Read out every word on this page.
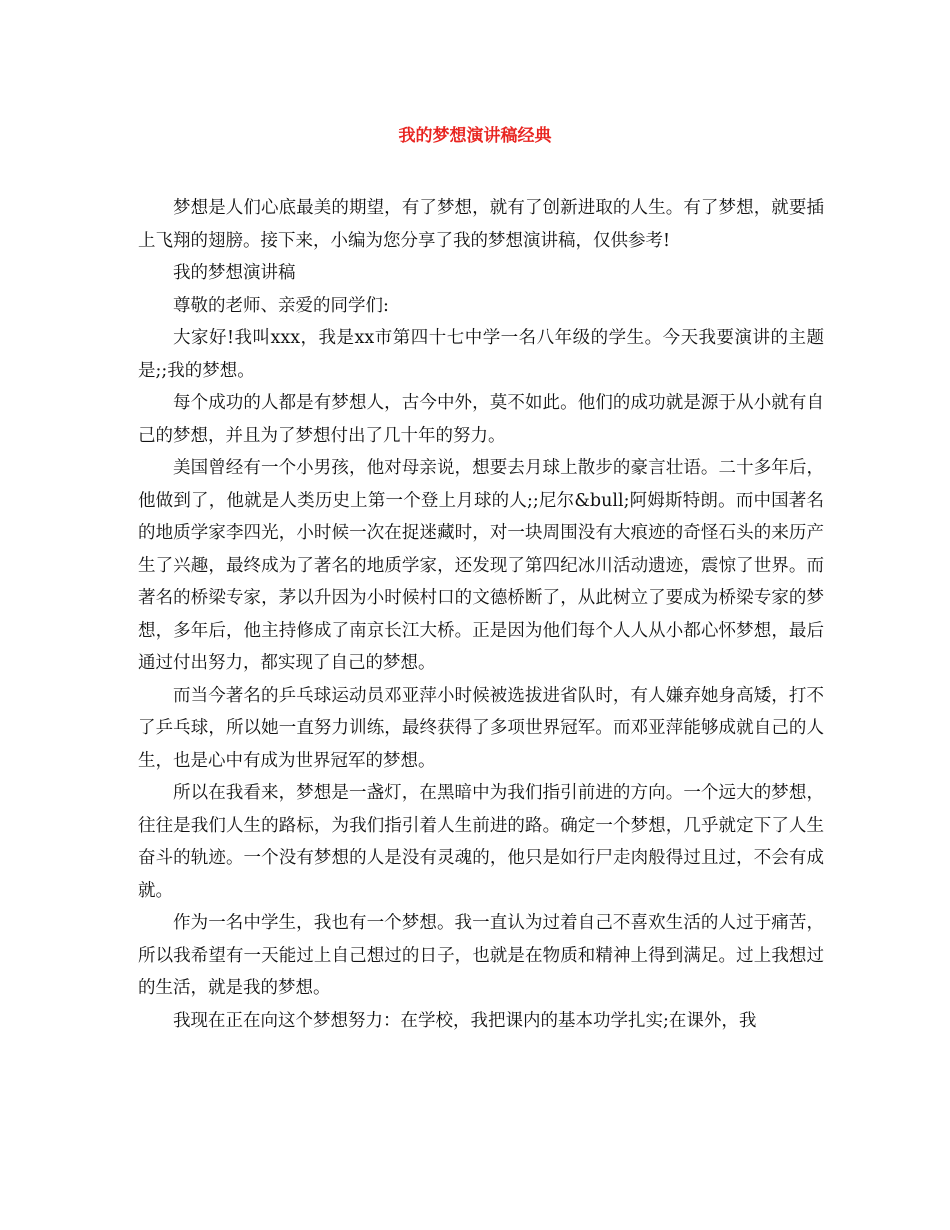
我的梦想演讲稿经典

梦想是人们心底最美的期望，有了梦想，就有了创新进取的人生。有了梦想，就要插上飞翔的翅膀。接下来，小编为您分享了我的梦想演讲稿，仅供参考!

我的梦想演讲稿

尊敬的老师、亲爱的同学们:

大家好!我叫xxx，我是xx市第四十七中学一名八年级的学生。今天我要演讲的主题是;;我的梦想。

每个成功的人都是有梦想人，古今中外，莫不如此。他们的成功就是源于从小就有自己的梦想，并且为了梦想付出了几十年的努力。

美国曾经有一个小男孩，他对母亲说，想要去月球上散步的豪言壮语。二十多年后，他做到了，他就是人类历史上第一个登上月球的人;;尼尔&bull;阿姆斯特朗。而中国著名的地质学家李四光，小时候一次在捉迷藏时，对一块周围没有大痕迹的奇怪石头的来历产生了兴趣，最终成为了著名的地质学家，还发现了第四纪冰川活动遗迹，震惊了世界。而著名的桥梁专家，茅以升因为小时候村口的文德桥断了，从此树立了要成为桥梁专家的梦想，多年后，他主持修成了南京长江大桥。正是因为他们每个人人从小都心怀梦想，最后通过付出努力，都实现了自己的梦想。

而当今著名的乒乓球运动员邓亚萍小时候被选拔进省队时，有人嫌弃她身高矮，打不了乒乓球，所以她一直努力训练，最终获得了多项世界冠军。而邓亚萍能够成就自己的人生，也是心中有成为世界冠军的梦想。

所以在我看来，梦想是一盏灯，在黑暗中为我们指引前进的方向。一个远大的梦想，往往是我们人生的路标，为我们指引着人生前进的路。确定一个梦想，几乎就定下了人生奋斗的轨迹。一个没有梦想的人是没有灵魂的，他只是如行尸走肉般得过且过，不会有成就。

作为一名中学生，我也有一个梦想。我一直认为过着自己不喜欢生活的人过于痛苦，所以我希望有一天能过上自己想过的日子，也就是在物质和精神上得到满足。过上我想过的生活，就是我的梦想。

我现在正在向这个梦想努力：在学校，我把课内的基本功学扎实;在课外，我
